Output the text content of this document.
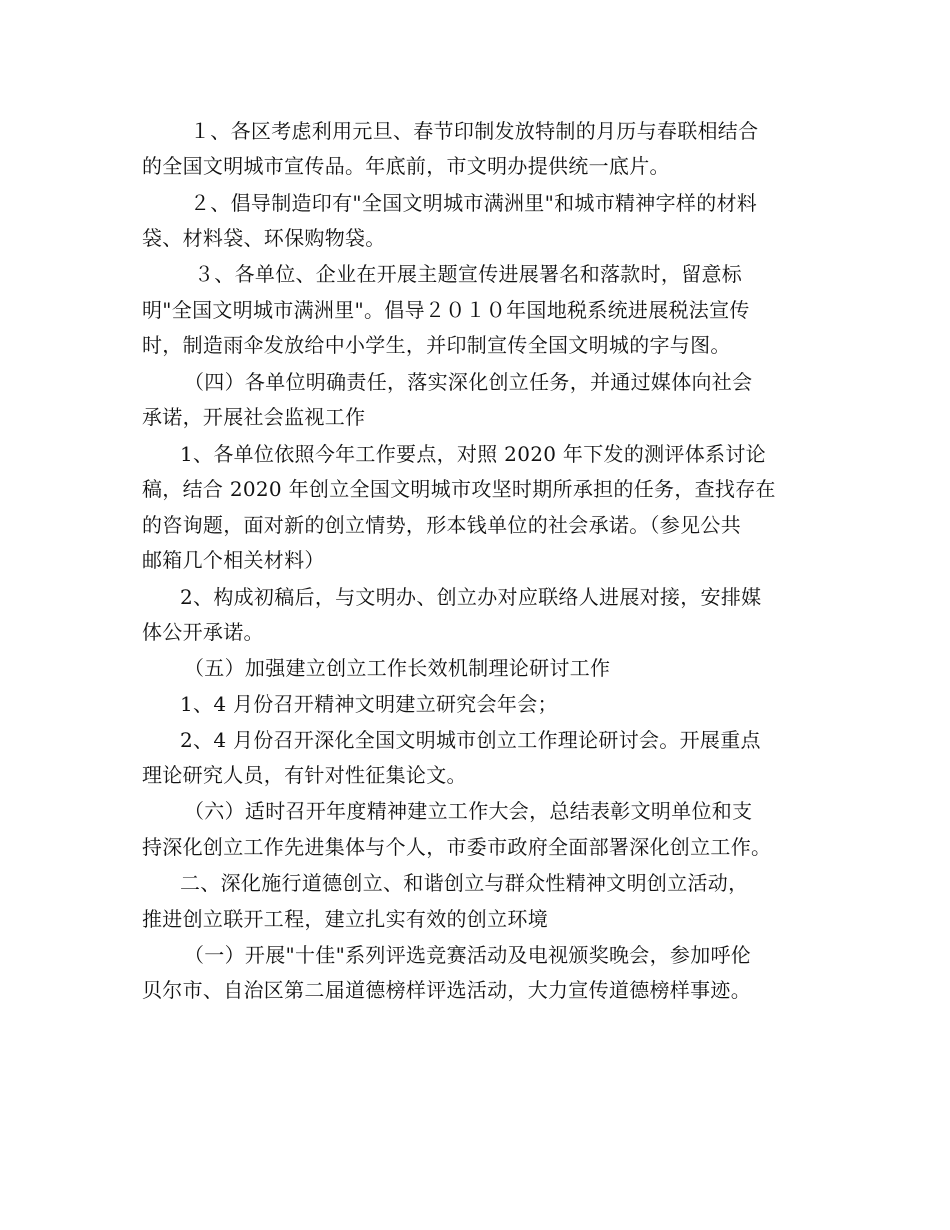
１、各区考虑利用元旦、春节印制发放特制的月历与春联相结合
的全国文明城市宣传品。年底前，市文明办提供统一底片。
２、倡导制造印有"全国文明城市满洲里"和城市精神字样的材料
袋、材料袋、环保购物袋。
３、各单位、企业在开展主题宣传进展署名和落款时，留意标
明"全国文明城市满洲里"。倡导２０１０年国地税系统进展税法宣传
时，制造雨伞发放给中小学生，并印制宣传全国文明城的字与图。
（四）各单位明确责任，落实深化创立任务，并通过媒体向社会
承诺，开展社会监视工作
1、各单位依照今年工作要点，对照 2020 年下发的测评体系讨论
稿，结合 2020 年创立全国文明城市攻坚时期所承担的任务，查找存在
的咨询题，面对新的创立情势，形本钱单位的社会承诺。（参见公共
邮箱几个相关材料）
2、构成初稿后，与文明办、创立办对应联络人进展对接，安排媒
体公开承诺。
（五）加强建立创立工作长效机制理论研讨工作
1、4 月份召开精神文明建立研究会年会；
2、4 月份召开深化全国文明城市创立工作理论研讨会。开展重点
理论研究人员，有针对性征集论文。
（六）适时召开年度精神建立工作大会，总结表彰文明单位和支
持深化创立工作先进集体与个人，市委市政府全面部署深化创立工作。
二、深化施行道德创立、和谐创立与群众性精神文明创立活动，
推进创立联开工程，建立扎实有效的创立环境
（一）开展"十佳"系列评选竞赛活动及电视颁奖晚会，参加呼伦
贝尔市、自治区第二届道德榜样评选活动，大力宣传道德榜样事迹。
